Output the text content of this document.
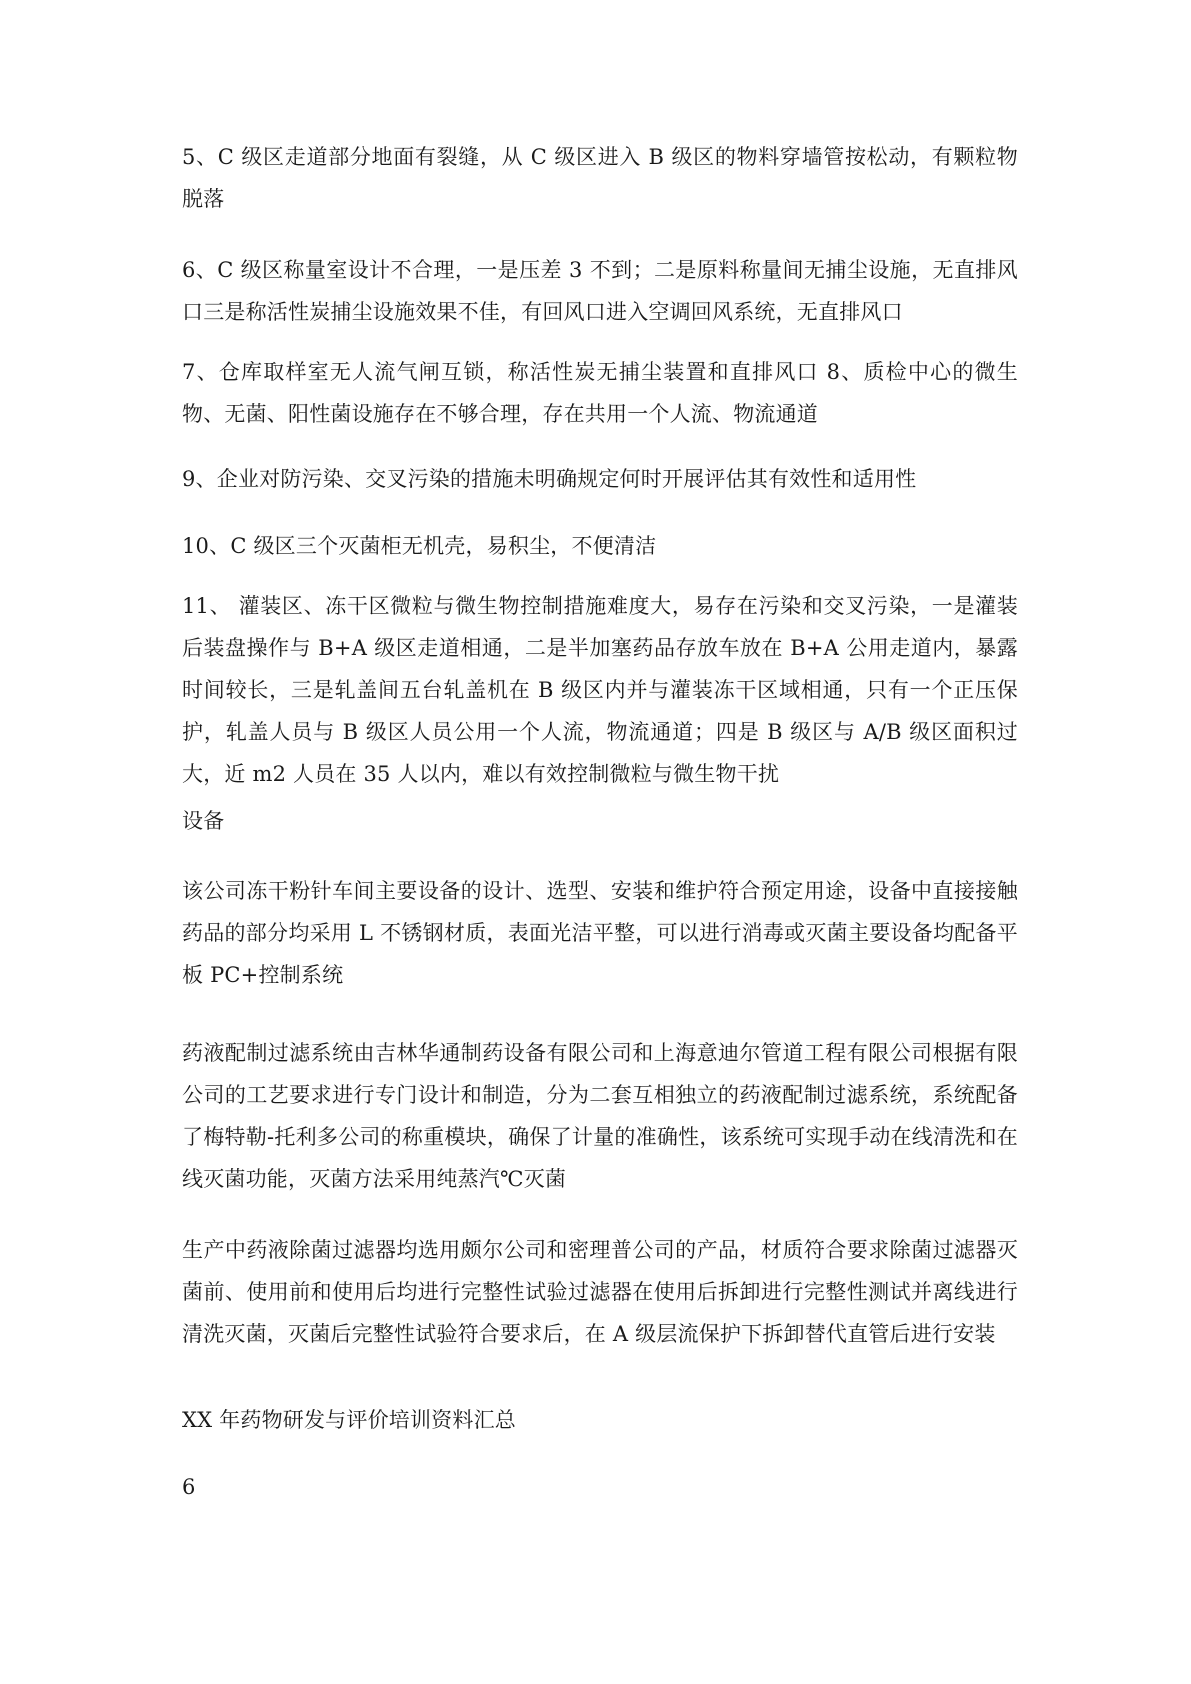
5、C 级区走道部分地面有裂缝，从 C 级区进入 B 级区的物料穿墙管按松动，有颗粒物脱落

6、C 级区称量室设计不合理，一是压差 3 不到；二是原料称量间无捕尘设施，无直排风口三是称活性炭捕尘设施效果不佳，有回风口进入空调回风系统，无直排风口

7、仓库取样室无人流气闸互锁，称活性炭无捕尘装置和直排风口 8、质检中心的微生物、无菌、阳性菌设施存在不够合理，存在共用一个人流、物流通道

9、企业对防污染、交叉污染的措施未明确规定何时开展评估其有效性和适用性

10、C 级区三个灭菌柜无机壳，易积尘，不便清洁

11、 灌装区、冻干区微粒与微生物控制措施难度大，易存在污染和交叉污染，一是灌装后装盘操作与 B+A 级区走道相通，二是半加塞药品存放车放在 B+A 公用走道内，暴露时间较长，三是轧盖间五台轧盖机在 B 级区内并与灌装冻干区域相通，只有一个正压保护，轧盖人员与 B 级区人员公用一个人流，物流通道；四是 B 级区与 A/B 级区面积过大，近 m2 人员在 35 人以内，难以有效控制微粒与微生物干扰

设备

该公司冻干粉针车间主要设备的设计、选型、安装和维护符合预定用途，设备中直接接触药品的部分均采用 L 不锈钢材质，表面光洁平整，可以进行消毒或灭菌主要设备均配备平板 PC+控制系统

药液配制过滤系统由吉林华通制药设备有限公司和上海意迪尔管道工程有限公司根据有限公司的工艺要求进行专门设计和制造，分为二套互相独立的药液配制过滤系统，系统配备了梅特勒-托利多公司的称重模块，确保了计量的准确性，该系统可实现手动在线清洗和在线灭菌功能，灭菌方法采用纯蒸汽℃灭菌

生产中药液除菌过滤器均选用颇尔公司和密理普公司的产品，材质符合要求除菌过滤器灭菌前、使用前和使用后均进行完整性试验过滤器在使用后拆卸进行完整性测试并离线进行清洗灭菌，灭菌后完整性试验符合要求后，在 A 级层流保护下拆卸替代直管后进行安装

XX 年药物研发与评价培训资料汇总

6
